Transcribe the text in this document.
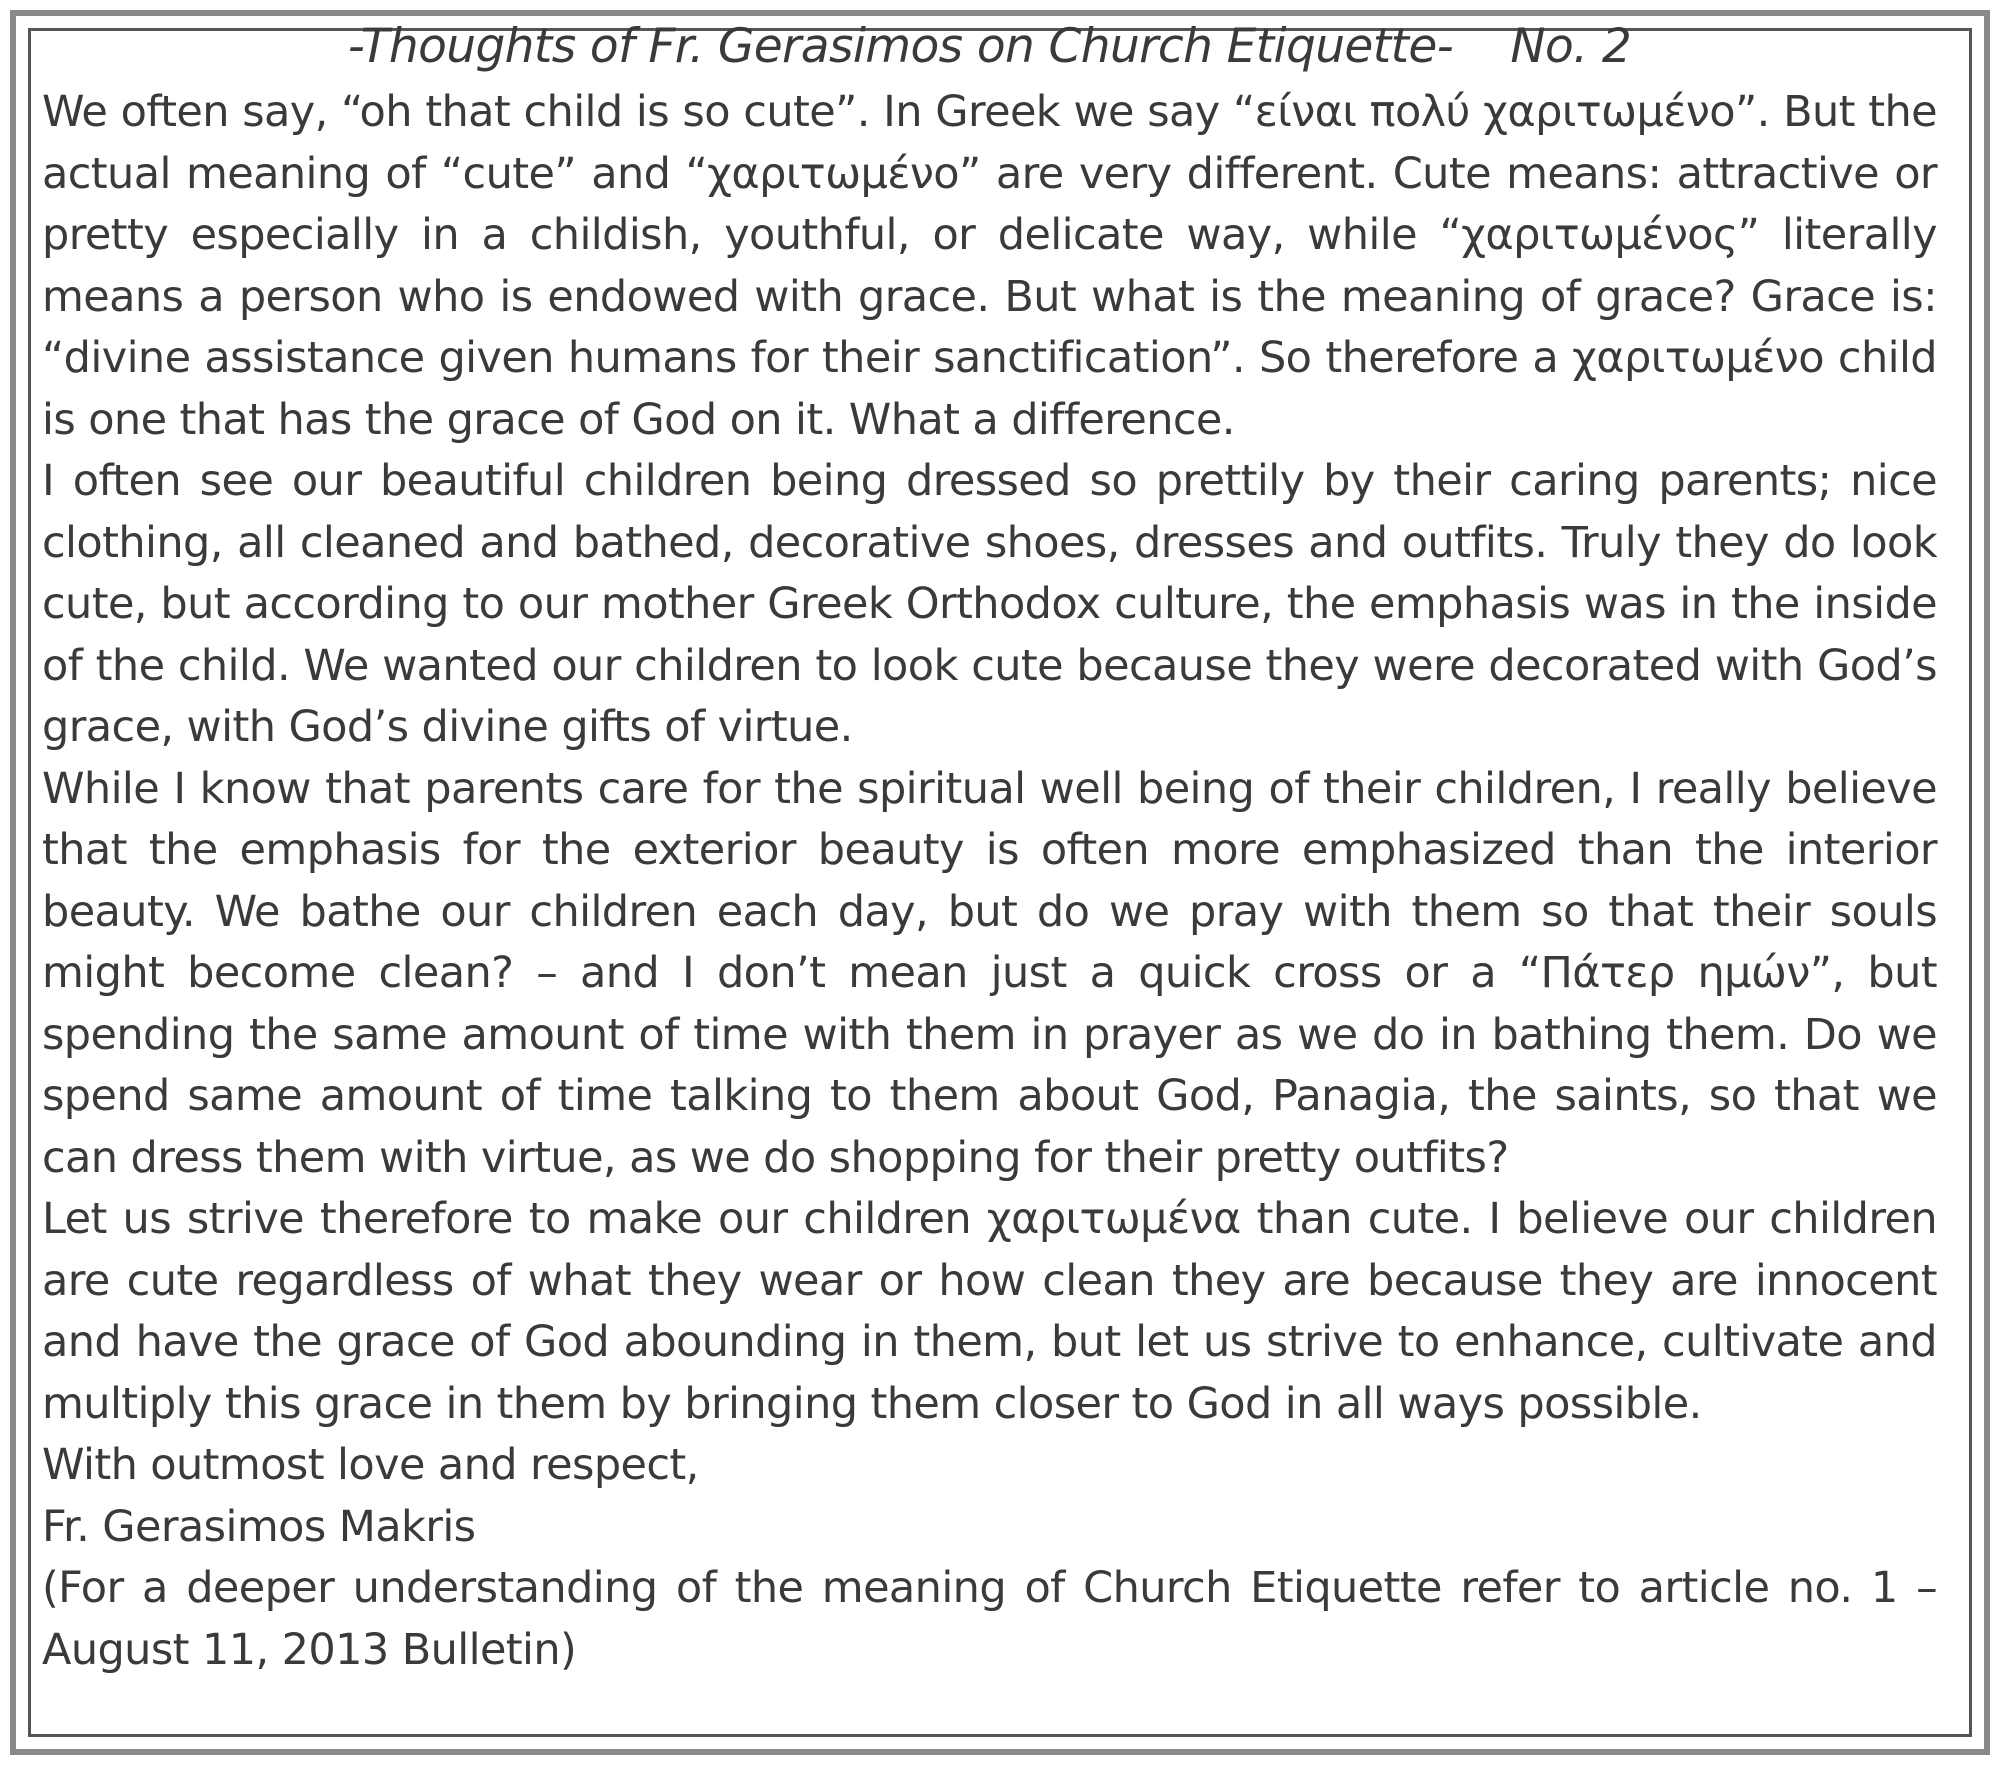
-Thoughts of Fr. Gerasimos on Church Etiquette-    No. 2

We often say, “oh that child is so cute”. In Greek we say “είναι πολύ χαριτωμένο”. But the actual meaning of “cute” and “χαριτωμένο” are very different. Cute means: attractive or pretty especially in a childish, youthful, or delicate way, while “χαριτωμένος” literally means a person who is endowed with grace. But what is the meaning of grace? Grace is: “divine assistance given humans for their sanctification”. So therefore a χαριτωμένο child is one that has the grace of God on it. What a difference.

I often see our beautiful children being dressed so prettily by their caring parents; nice clothing, all cleaned and bathed, decorative shoes, dresses and outfits. Truly they do look cute, but according to our mother Greek Orthodox culture, the emphasis was in the inside of the child. We wanted our children to look cute because they were decorated with God’s grace, with God’s divine gifts of virtue.

While I know that parents care for the spiritual well being of their children, I really believe that the emphasis for the exterior beauty is often more emphasized than the interior beauty. We bathe our children each day, but do we pray with them so that their souls might become clean? – and I don’t mean just a quick cross or a “Πάτερ ημών”, but spending the same amount of time with them in prayer as we do in bathing them. Do we spend same amount of time talking to them about God, Panagia, the saints, so that we can dress them with virtue, as we do shopping for their pretty outfits?

Let us strive therefore to make our children χαριτωμένα than cute. I believe our children are cute regardless of what they wear or how clean they are because they are innocent and have the grace of God abounding in them, but let us strive to enhance, cultivate and multiply this grace in them by bringing them closer to God in all ways possible.

With outmost love and respect,

Fr. Gerasimos Makris

(For a deeper understanding of the meaning of Church Etiquette refer to article no. 1 – August 11, 2013 Bulletin)
